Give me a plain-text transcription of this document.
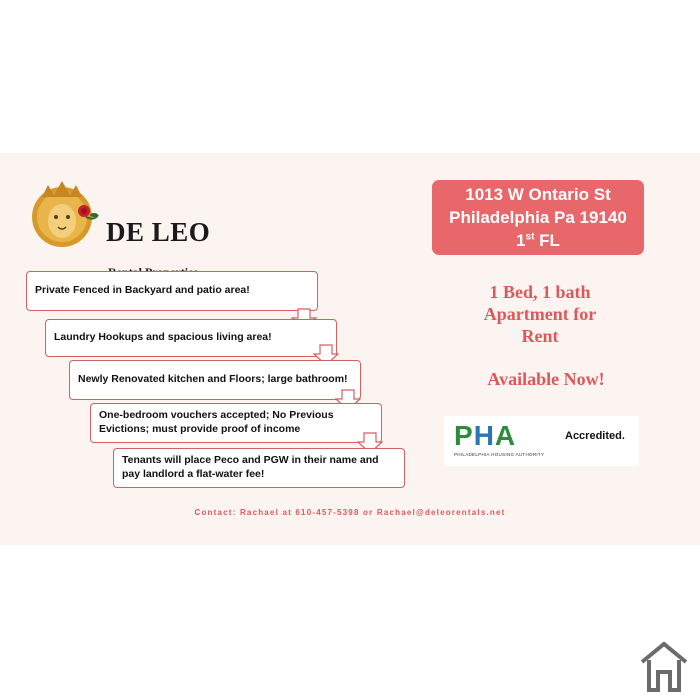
DE LEO
Private Fenced in Backyard and patio area!
Laundry Hookups and spacious living area!
Newly Renovated kitchen and Floors; large bathroom!
One-bedroom vouchers accepted; No Previous Evictions; must provide proof of income
Tenants will place Peco and PGW in their name and pay landlord a flat-water fee!
1013 W Ontario St
Philadelphia Pa 19140
1st FL
1 Bed, 1 bath
Apartment for
Rent
Available Now!
PHA
PHILADELPHIA HOUSING AUTHORITY
Accredited.
Contact: Rachael at 610-457-5398 or Rachael@deleorentals.net
